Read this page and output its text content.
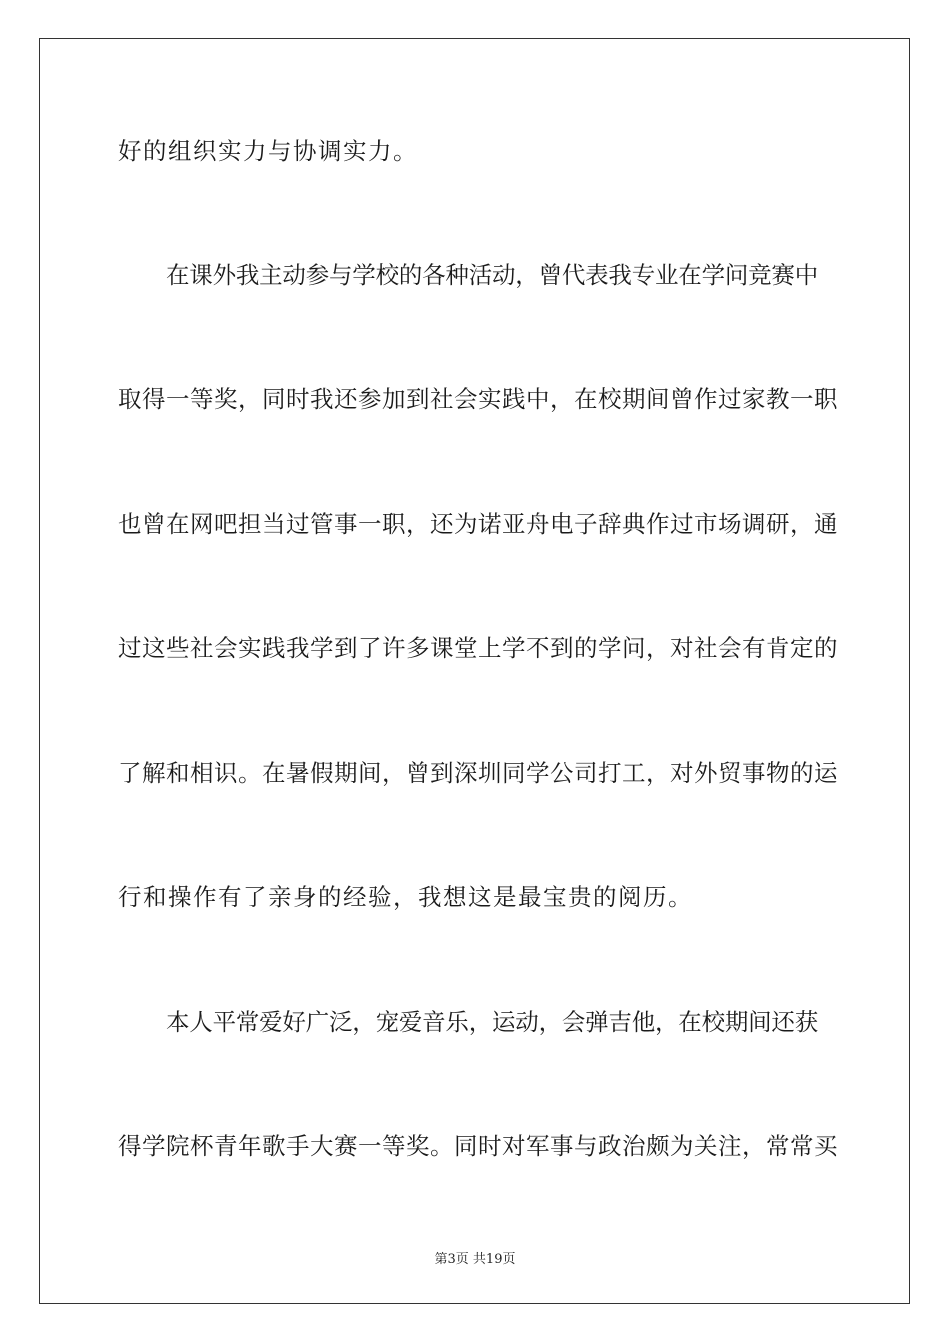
好的组织实力与协调实力。
在课外我主动参与学校的各种活动，曾代表我专业在学问竞赛中
取得一等奖，同时我还参加到社会实践中，在校期间曾作过家教一职
也曾在网吧担当过管事一职，还为诺亚舟电子辞典作过市场调研，通
过这些社会实践我学到了许多课堂上学不到的学问，对社会有肯定的
了解和相识。在暑假期间，曾到深圳同学公司打工，对外贸事物的运
行和操作有了亲身的经验，我想这是最宝贵的阅历。
本人平常爱好广泛，宠爱音乐，运动，会弹吉他，在校期间还获
得学院杯青年歌手大赛一等奖。同时对军事与政治颇为关注，常常买
第3页 共19页
